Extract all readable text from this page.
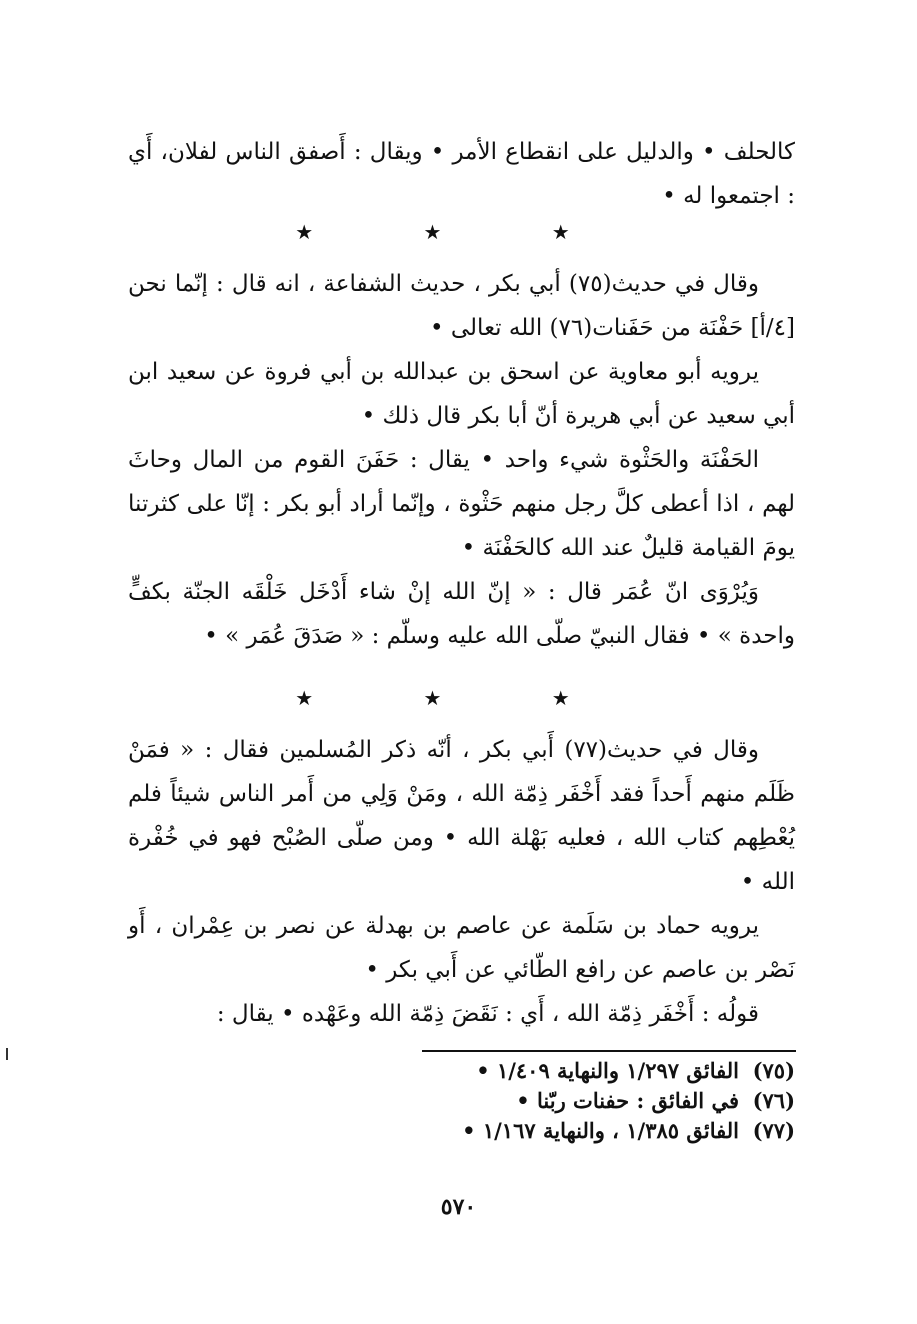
كالحلف • والدليل على انقطاع الأمر • ويقال : أَصفق الناس لفلان، أَي : اجتمعوا له •

★ ★ ★

وقال في حديث(٧٥) أبي بكر ، حديث الشفاعة ، انه قال : إنّما نحن [٤/أ] حَفْنَة من حَفَنات(٧٦) الله تعالى •

يرويه أبو معاوية عن اسحق بن عبدالله بن أبي فروة عن سعيد ابن أبي سعيد عن أبي هريرة أنّ أبا بكر قال ذلك •

الحَفْنَة والحَثْوة شيء واحد • يقال : حَفَنَ القوم من المال وحاثَ لهم ، اذا أعطى كلَّ رجل منهم حَثْوة ، وإنّما أراد أبو بكر : إنّا على كثرتنا يومَ القيامة قليلٌ عند الله كالحَفْنَة •

وَيُرْوَى انّ عُمَر قال : « إنّ الله إنْ شاء أَدْخَل خَلْقَه الجنّة بكفٍّ واحدة » • فقال النبيّ صلّى الله عليه وسلّم : « صَدَقَ عُمَر » •

★ ★ ★

وقال في حديث(٧٧) أَبي بكر ، أنّه ذكر المُسلمين فقال : « فمَنْ ظَلَم منهم أَحداً فقد أَخْفَر ذِمّة الله ، ومَنْ وَلِي من أَمر الناس شيئاً فلم يُعْطِهم كتاب الله ، فعليه بَهْلة الله • ومن صلّى الصُبْح فهو في خُفْرة الله •

يرويه حماد بن سَلَمة عن عاصم بن بهدلة عن نصر بن عِمْران ، أَو نَصْر بن عاصم عن رافع الطّائي عن أَبي بكر •

قولُه : أَخْفَر ذِمّة الله ، أَي : نَقَضَ ذِمّة الله وعَهْده • يقال :

(٧٥)
الفائق ١/٢٩٧ والنهاية ١/٤٠٩ •
(٧٦)
في الفائق : حفنات ربّنا •
(٧٧)
الفائق ١/٣٨٥ ، والنهاية ١/١٦٧ •
٥٧٠
